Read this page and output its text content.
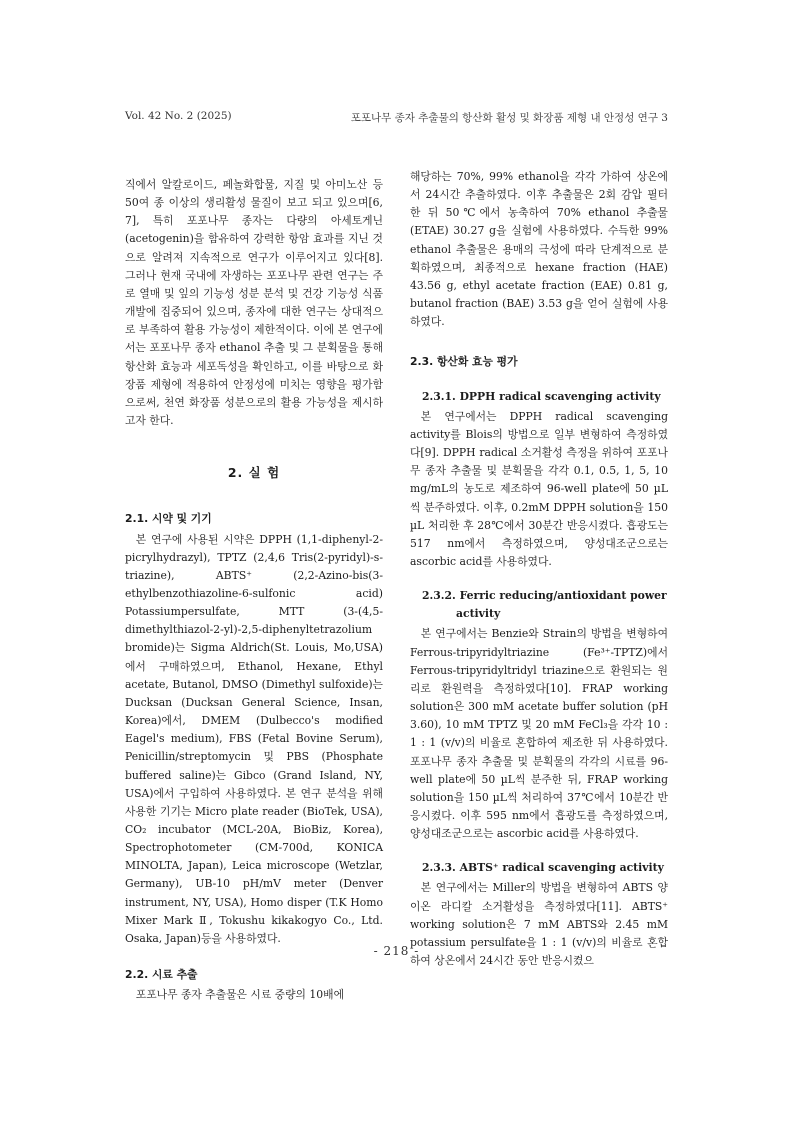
Vol. 42 No. 2 (2025)	포포나무 종자 추출물의 항산화 활성 및 화장품 제형 내 안정성 연구 3

직에서 알칼로이드, 페놀화합물, 지질 및 아미노산 등 50여 종 이상의 생리활성 물질이 보고 되고 있으며[6, 7], 특히 포포나무 종자는 다량의 아세토게닌 (acetogenin)을 함유하여 강력한 항암 효과를 지닌 것으로 알려져 지속적으로 연구가 이루어지고 있다[8]. 그러나 현재 국내에 자생하는 포포나무 관련 연구는 주로 열매 및 잎의 기능성 성분 분석 및 건강 기능성 식품 개발에 집중되어 있으며, 종자에 대한 연구는 상대적으로 부족하여 활용 가능성이 제한적이다. 이에 본 연구에서는 포포나무 종자 ethanol 추출 및 그 분획물을 통해 항산화 효능과 세포독성을 확인하고, 이를 바탕으로 화장품 제형에 적용하여 안정성에 미치는 영향을 평가함으로써, 천연 화장품 성분으로의 활용 가능성을 제시하고자 한다.

2. 실 험
2.1. 시약 및 기기

본 연구에 사용된 시약은 DPPH (1,1-diphenyl-2-picrylhydrazyl), TPTZ (2,4,6 Tris(2-pyridyl)-s-triazine), ABTS⁺ (2,2-Azino-bis(3-ethylbenzothiazoline-6-sulfonic acid) Potassiumpersulfate, MTT (3-(4,5-dimethylthiazol-2-yl)-2,5-diphenyltetrazolium bromide)는 Sigma Aldrich(St. Louis, Mo,USA)에서 구매하였으며, Ethanol, Hexane, Ethyl acetate, Butanol, DMSO (Dimethyl sulfoxide)는 Ducksan (Ducksan General Science, Insan, Korea)에서, DMEM (Dulbecco's modified Eagel's medium), FBS (Fetal Bovine Serum), Penicillin/streptomycin 및 PBS (Phosphate buffered saline)는 Gibco (Grand Island, NY, USA)에서 구입하여 사용하였다. 본 연구 분석을 위해 사용한 기기는 Micro plate reader (BioTek, USA), CO₂ incubator (MCL-20A, BioBiz, Korea), Spectrophotometer (CM-700d, KONICA MINOLTA, Japan), Leica microscope (Wetzlar, Germany), UB-10 pH/mV meter (Denver instrument, NY, USA), Homo disper (T.K Homo Mixer Mark Ⅱ, Tokushu kikakogyo Co., Ltd. Osaka, Japan)등을 사용하였다.

2.2. 시료 추출

포포나무 종자 추출물은 시료 중량의 10배에

해당하는 70%, 99% ethanol을 각각 가하여 상온에서 24시간 추출하였다. 이후 추출물은 2회 감압 필터 한 뒤 50℃에서 농축하여 70% ethanol 추출물 (ETAE) 30.27 g을 실험에 사용하였다. 수득한 99% ethanol 추출물은 용매의 극성에 따라 단계적으로 분획하였으며, 최종적으로 hexane fraction (HAE) 43.56 g, ethyl acetate fraction (EAE) 0.81 g, butanol fraction (BAE) 3.53 g을 얻어 실험에 사용하였다.

2.3. 항산화 효능 평가
2.3.1. DPPH radical scavenging activity

본 연구에서는 DPPH radical scavenging activity를 Blois의 방법으로 일부 변형하여 측정하였다[9]. DPPH radical 소거활성 측정을 위하여 포포나무 종자 추출물 및 분획물을 각각 0.1, 0.5, 1, 5, 10 mg/mL의 농도로 제조하여 96-well plate에 50 µL씩 분주하였다. 이후, 0.2mM DPPH solution을 150 µL 처리한 후 28℃에서 30분간 반응시켰다. 흡광도는 517 nm에서 측정하였으며, 양성대조군으로는 ascorbic acid를 사용하였다.

2.3.2. Ferric reducing/antioxidant power
activity

본 연구에서는 Benzie와 Strain의 방법을 변형하여 Ferrous-tripyridyltriazine (Fe³⁺-TPTZ)에서 Ferrous-tripyridyltridyl triazine으로 환원되는 원리로 환원력을 측정하였다[10]. FRAP working solution은 300 mM acetate buffer solution (pH 3.60), 10 mM TPTZ 및 20 mM FeCl₃을 각각 10 : 1 : 1 (v/v)의 비율로 혼합하여 제조한 뒤 사용하였다. 포포나무 종자 추출물 및 분획물의 각각의 시료를 96-well plate에 50 µL씩 분주한 뒤, FRAP working solution을 150 µL씩 처리하여 37℃에서 10분간 반응시켰다. 이후 595 nm에서 흡광도를 측정하였으며, 양성대조군으로는 ascorbic acid를 사용하였다.

2.3.3. ABTS⁺ radical scavenging activity

본 연구에서는 Miller의 방법을 변형하여 ABTS 양이온 라디칼 소거활성을 측정하였다[11]. ABTS⁺ working solution은 7 mM ABTS와 2.45 mM potassium persulfate을 1 : 1 (v/v)의 비율로 혼합하여 상온에서 24시간 동안 반응시켰으

- 218 -
